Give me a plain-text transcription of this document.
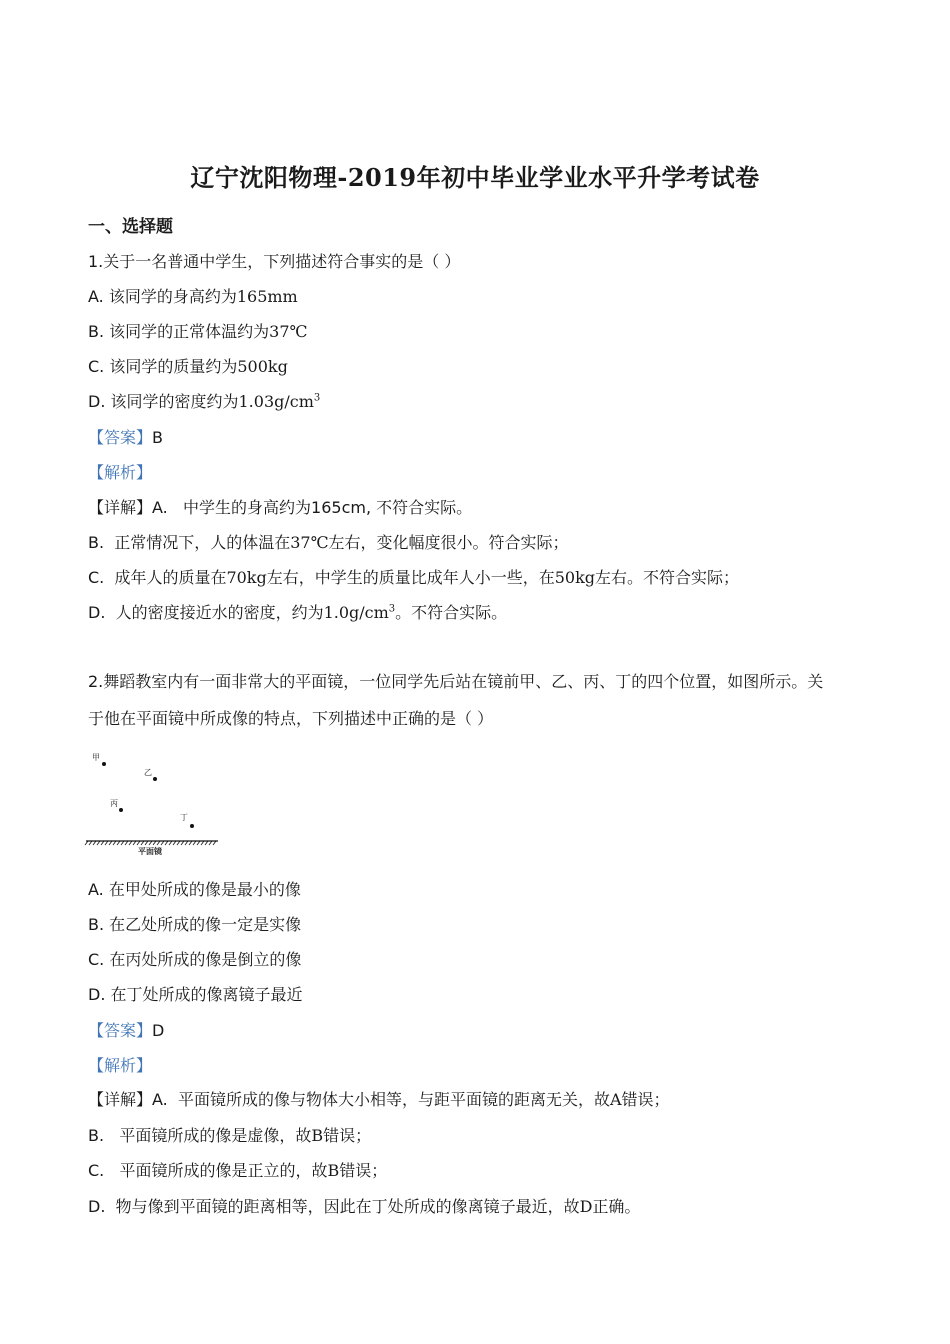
辽宁沈阳物理-2019年初中毕业学业水平升学考试卷
一、选择题
1.关于一名普通中学生，下列描述符合事实的是（ ）
A. 该同学的身高约为165mm
B. 该同学的正常体温约为37℃
C. 该同学的质量约为500kg
D. 该同学的密度约为$1.03g/cm^3$
【答案】B
【解析】
【详解】A.   中学生的身高约为165cm, 不符合实际。
B.  正常情况下，人的体温在37℃左右，变化幅度很小。符合实际；
C.  成年人的质量在70kg左右，中学生的质量比成年人小一些，在50kg左右。不符合实际；
D.  人的密度接近水的密度，约为$1.0g/cm^3$。不符合实际。
2.舞蹈教室内有一面非常大的平面镜，一位同学先后站在镜前甲、乙、丙、丁的四个位置，如图所示。关
于他在平面镜中所成像的特点，下列描述中正确的是（ ）
甲
乙
丙
丁
平面镜
A. 在甲处所成的像是最小的像
B. 在乙处所成的像一定是实像
C. 在丙处所成的像是倒立的像
D. 在丁处所成的像离镜子最近
【答案】D
【解析】
【详解】A.  平面镜所成的像与物体大小相等，与距平面镜的距离无关，故A错误；
B.   平面镜所成的像是虚像，故B错误；
C.   平面镜所成的像是正立的，故B错误；
D.  物与像到平面镜的距离相等，因此在丁处所成的像离镜子最近，故D正确。
